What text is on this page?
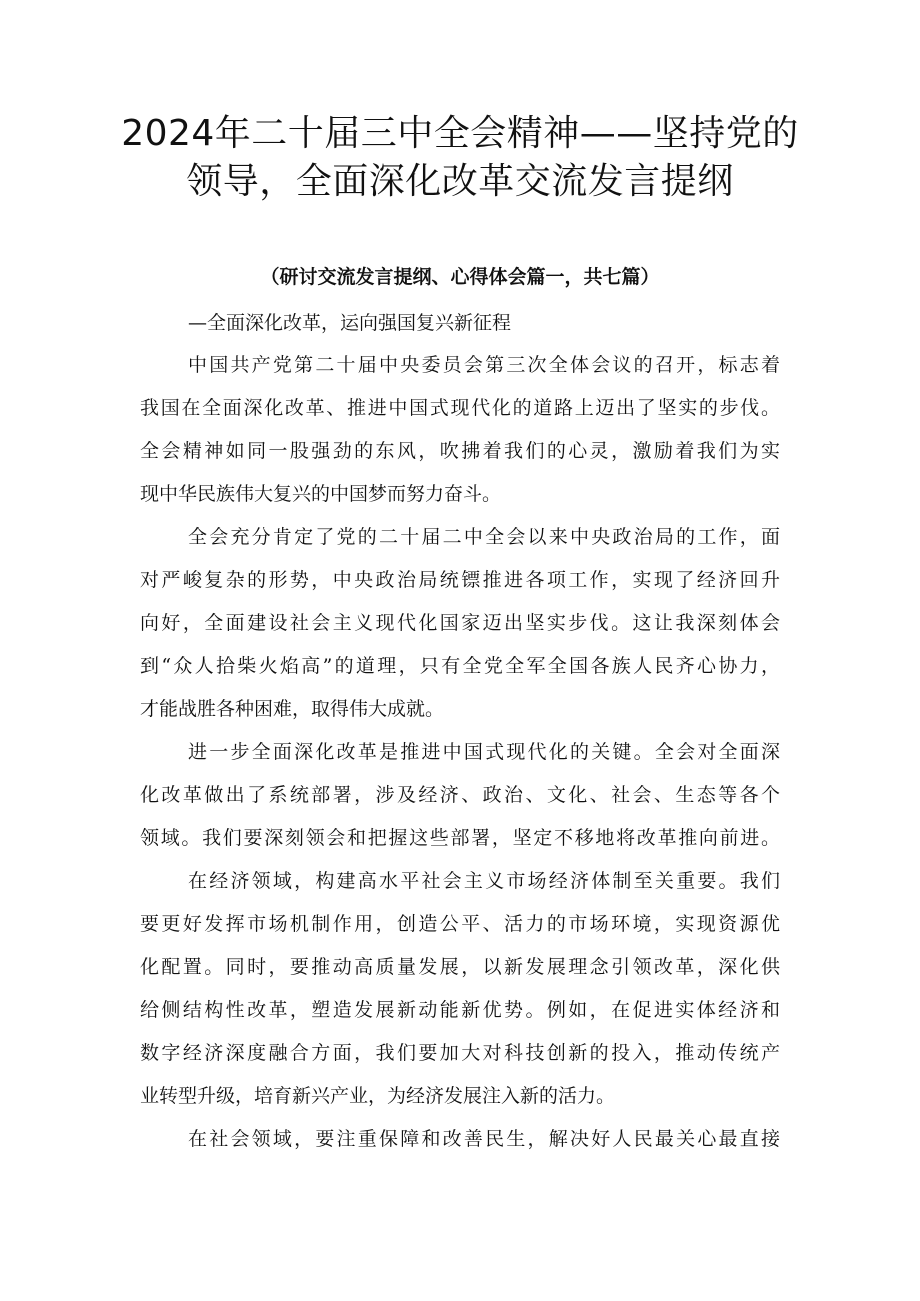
2024年二十届三中全会精神——坚持党的
领导，全面深化改革交流发言提纲
（研讨交流发言提纲、心得体会篇一，共七篇）
—全面深化改革，运向强国复兴新征程
中国共产党第二十届中央委员会第三次全体会议的召开，标志着
我国在全面深化改革、推进中国式现代化的道路上迈出了坚实的步伐。
全会精神如同一股强劲的东风，吹拂着我们的心灵，激励着我们为实
现中华民族伟大复兴的中国梦而努力奋斗。
全会充分肯定了党的二十届二中全会以来中央政治局的工作，面
对严峻复杂的形势，中央政治局统镖推进各项工作，实现了经济回升
向好，全面建设社会主义现代化国家迈出坚实步伐。这让我深刻体会
到“众人拾柴火焰高”的道理，只有全党全军全国各族人民齐心协力，
才能战胜各种困难，取得伟大成就。
进一步全面深化改革是推进中国式现代化的关键。全会对全面深
化改革做出了系统部署，涉及经济、政治、文化、社会、生态等各个
领域。我们要深刻领会和把握这些部署，坚定不移地将改革推向前进。
在经济领域，构建高水平社会主义市场经济体制至关重要。我们
要更好发挥市场机制作用，创造公平、活力的市场环境，实现资源优
化配置。同时，要推动高质量发展，以新发展理念引领改革，深化供
给侧结构性改革，塑造发展新动能新优势。例如，在促进实体经济和
数字经济深度融合方面，我们要加大对科技创新的投入，推动传统产
业转型升级，培育新兴产业，为经济发展注入新的活力。
在社会领域，要注重保障和改善民生，解决好人民最关心最直接
